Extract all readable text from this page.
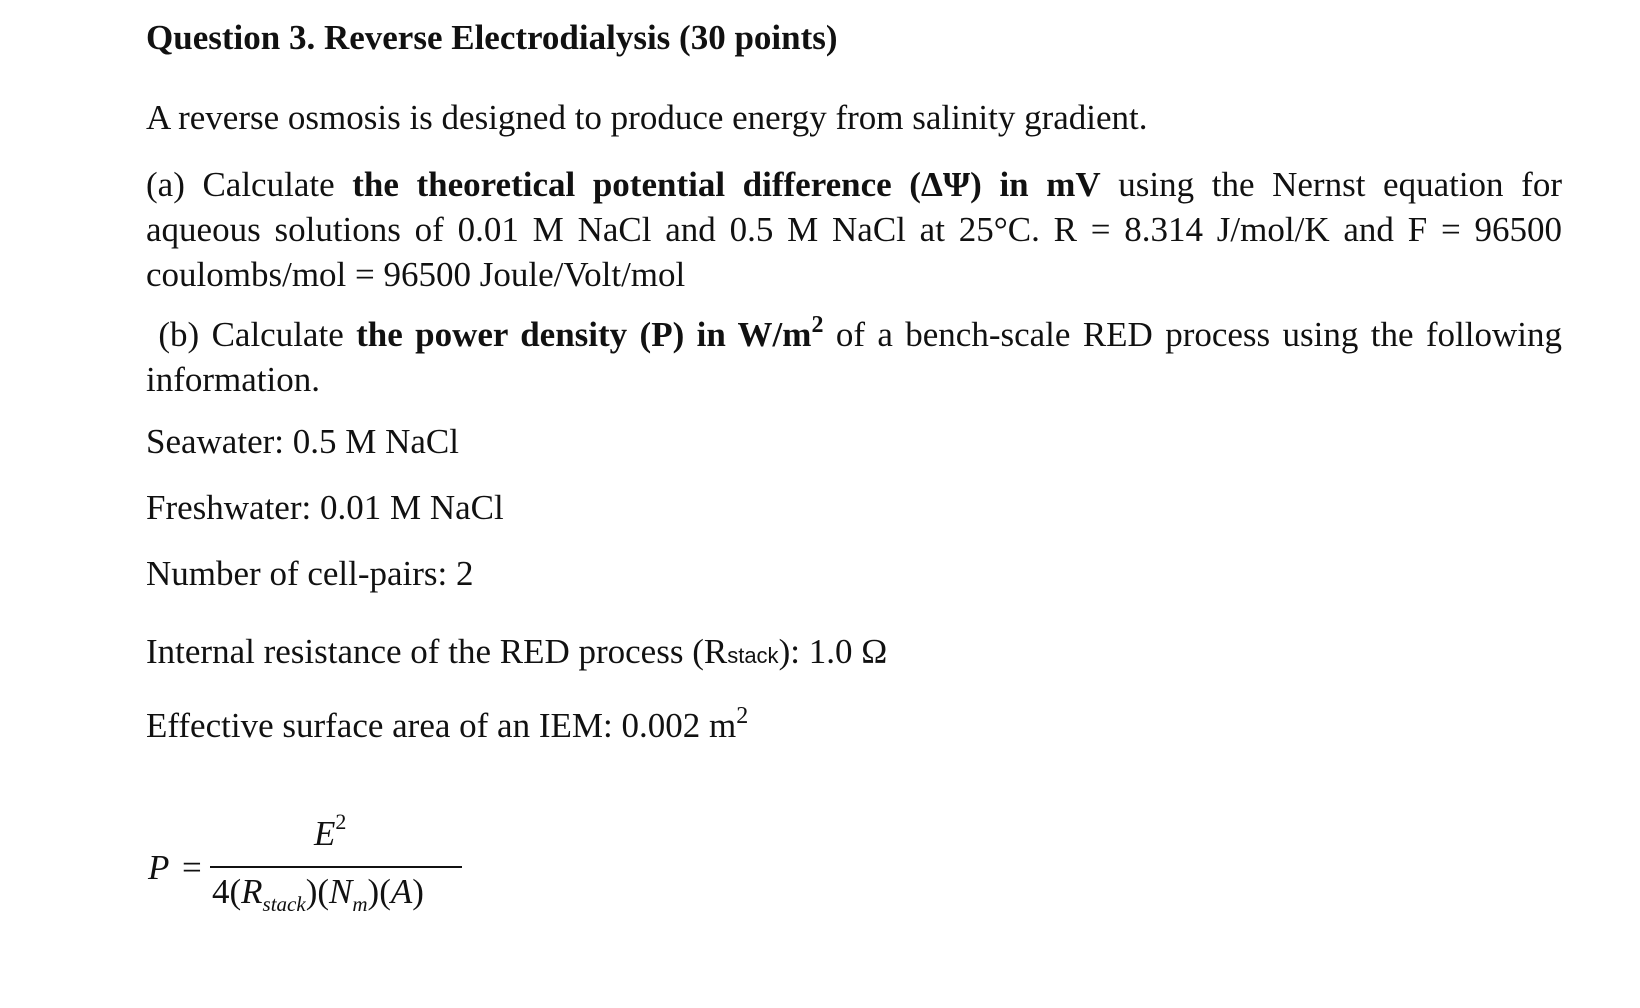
Question 3. Reverse Electrodialysis (30 points)
A reverse osmosis is designed to produce energy from salinity gradient.
(a) Calculate the theoretical potential difference (ΔΨ) in mV using the Nernst equation for
aqueous solutions of 0.01 M NaCl and 0.5 M NaCl at 25°C. R = 8.314 J/mol/K and F = 96500
coulombs/mol = 96500 Joule/Volt/mol
(b) Calculate the power density (P) in $W/m^2$ of a bench-scale RED process using the following
information.
Seawater: 0.5 M NaCl
Freshwater: 0.01 M NaCl
Number of cell-pairs: 2
Internal resistance of the RED process (Rstack): 1.0 Ω
Effective surface area of an IEM: 0.002 $m^2$
P =
$E^2$
$4(R_{stack})(N_m)(A)$
